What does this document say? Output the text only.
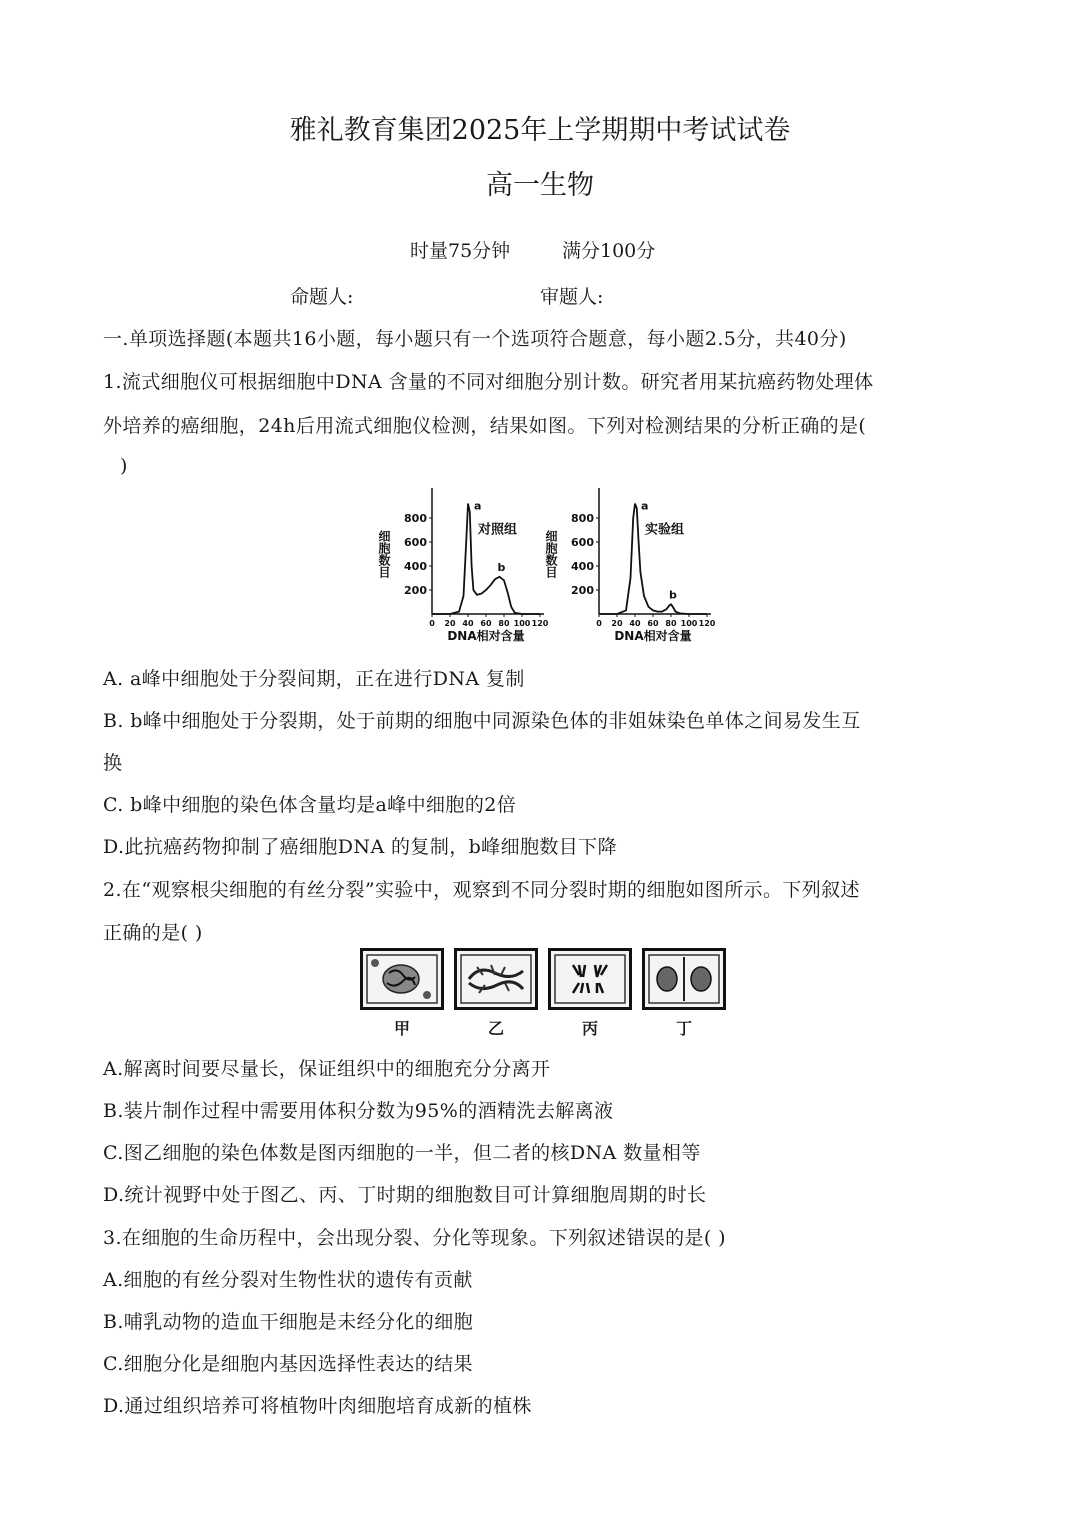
雅礼教育集团2025年上学期期中考试试卷
高一生物
时量75分钟	满分100分
命题人:	审题人:
一.单项选择题(本题共16小题，每小题只有一个选项符合题意，每小题2.5分，共40分)
1.流式细胞仪可根据细胞中DNA 含量的不同对细胞分别计数。研究者用某抗癌药物处理体
外培养的癌细胞，24h后用流式细胞仪检测，结果如图。下列对检测结果的分析正确的是(
)
200
400
600
800
0 20 40 60 80 100 120
DNA相对含量
细胞数目
a
b
对照组
200
400
600
800
0 20 40 60 80 100 120
DNA相对含量
细胞数目
a
b
实验组
A. a峰中细胞处于分裂间期，正在进行DNA 复制
B. b峰中细胞处于分裂期，处于前期的细胞中同源染色体的非姐妹染色单体之间易发生互
换
C. b峰中细胞的染色体含量均是a峰中细胞的2倍
D.此抗癌药物抑制了癌细胞DNA 的复制，b峰细胞数目下降
2.在“观察根尖细胞的有丝分裂”实验中，观察到不同分裂时期的细胞如图所示。下列叙述
正确的是( )
甲	乙	丙	丁
A.解离时间要尽量长，保证组织中的细胞充分分离开
B.装片制作过程中需要用体积分数为95%的酒精洗去解离液
C.图乙细胞的染色体数是图丙细胞的一半，但二者的核DNA 数量相等
D.统计视野中处于图乙、丙、丁时期的细胞数目可计算细胞周期的时长
3.在细胞的生命历程中，会出现分裂、分化等现象。下列叙述错误的是( )
A.细胞的有丝分裂对生物性状的遗传有贡献
B.哺乳动物的造血干细胞是未经分化的细胞
C.细胞分化是细胞内基因选择性表达的结果
D.通过组织培养可将植物叶肉细胞培育成新的植株
